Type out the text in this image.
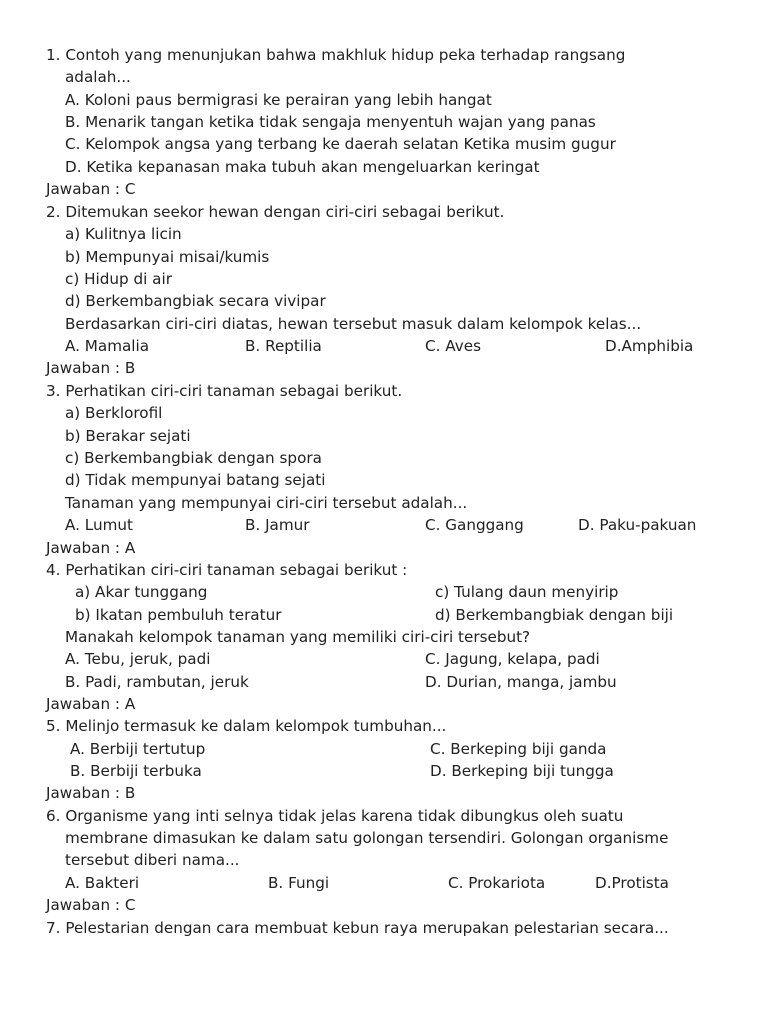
1. Contoh yang menunjukan bahwa makhluk hidup peka terhadap rangsang
adalah...
A. Koloni paus bermigrasi ke perairan yang lebih hangat
B. Menarik tangan ketika tidak sengaja menyentuh wajan yang panas
C. Kelompok angsa yang terbang ke daerah selatan Ketika musim gugur
D. Ketika kepanasan maka tubuh akan mengeluarkan keringat
Jawaban : C
2. Ditemukan seekor hewan dengan ciri-ciri sebagai berikut.
a) Kulitnya licin
b) Mempunyai misai/kumis
c) Hidup di air
d) Berkembangbiak secara vivipar
Berdasarkan ciri-ciri diatas, hewan tersebut masuk dalam kelompok kelas...
A. Mamalia	B. Reptilia	C. Aves	D.Amphibia
Jawaban : B
3. Perhatikan ciri-ciri tanaman sebagai berikut.
a) Berklorofil
b) Berakar sejati
c) Berkembangbiak dengan spora
d) Tidak mempunyai batang sejati
Tanaman yang mempunyai ciri-ciri tersebut adalah...
A. Lumut	B. Jamur	C. Ganggang	D. Paku-pakuan
Jawaban : A
4. Perhatikan ciri-ciri tanaman sebagai berikut :
a) Akar tunggang	c) Tulang daun menyirip
b) Ikatan pembuluh teratur	d) Berkembangbiak dengan biji
Manakah kelompok tanaman yang memiliki ciri-ciri tersebut?
A. Tebu, jeruk, padi	C. Jagung, kelapa, padi
B. Padi, rambutan, jeruk	D. Durian, manga, jambu
Jawaban : A
5. Melinjo termasuk ke dalam kelompok tumbuhan...
A. Berbiji tertutup	C. Berkeping biji ganda
B. Berbiji terbuka	D. Berkeping biji tungga
Jawaban : B
6. Organisme yang inti selnya tidak jelas karena tidak dibungkus oleh suatu
membrane dimasukan ke dalam satu golongan tersendiri. Golongan organisme
tersebut diberi nama...
A. Bakteri	B. Fungi	C. Prokariota	D.Protista
Jawaban : C
7. Pelestarian dengan cara membuat kebun raya merupakan pelestarian secara...
